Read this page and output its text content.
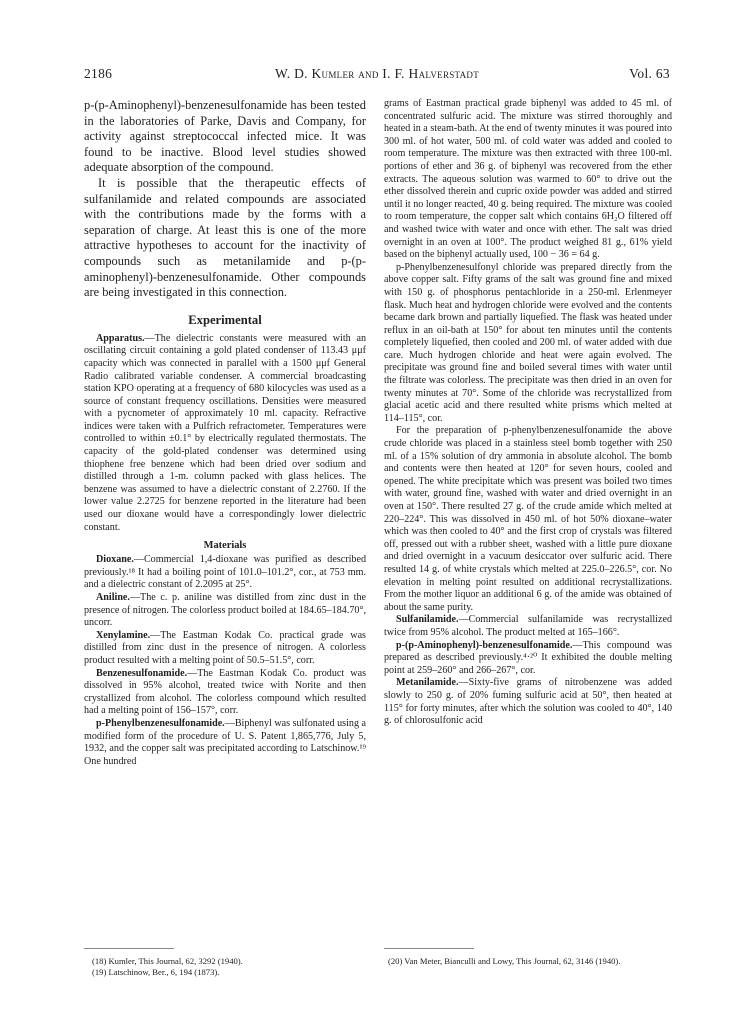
2186	W. D. Kumler and I. F. Halverstadt	Vol. 63

p-(p-Aminophenyl)-benzenesulfonamide has been tested in the laboratories of Parke, Davis and Company, for activity against streptococcal infected mice. It was found to be inactive. Blood level studies showed adequate absorption of the compound.

It is possible that the therapeutic effects of sulfanilamide and related compounds are associated with the contributions made by the forms with a separation of charge. At least this is one of the more attractive hypotheses to account for the inactivity of compounds such as metanilamide and p-(p-aminophenyl)-benzenesulfonamide. Other compounds are being investigated in this connection.

Experimental

Apparatus.—The dielectric constants were measured with an oscillating circuit containing a gold plated condenser of 113.43 μμf capacity which was connected in parallel with a 1500 μμf General Radio calibrated variable condenser. A commercial broadcasting station KPO operating at a frequency of 680 kilocycles was used as a source of constant frequency oscillations. Densities were measured with a pycnometer of approximately 10 ml. capacity. Refractive indices were taken with a Pulfrich refractometer. Temperatures were controlled to within ±0.1° by electrically regulated thermostats. The capacity of the gold-plated condenser was determined using thiophene free benzene which had been dried over sodium and distilled through a 1-m. column packed with glass helices. The benzene was assumed to have a dielectric constant of 2.2760. If the lower value 2.2725 for benzene reported in the literature had been used our dioxane would have a correspondingly lower dielectric constant.

Materials

Dioxane.—Commercial 1,4-dioxane was purified as described previously.¹⁸ It had a boiling point of 101.0–101.2°, cor., at 753 mm. and a dielectric constant of 2.2095 at 25°.

Aniline.—The c. p. aniline was distilled from zinc dust in the presence of nitrogen. The colorless product boiled at 184.65–184.70°, uncorr.

Xenylamine.—The Eastman Kodak Co. practical grade was distilled from zinc dust in the presence of nitrogen. A colorless product resulted with a melting point of 50.5–51.5°, corr.

Benzenesulfonamide.—The Eastman Kodak Co. product was dissolved in 95% alcohol, treated twice with Norite and then crystallized from alcohol. The colorless compound which resulted had a melting point of 156–157°, corr.

p-Phenylbenzenesulfonamide.—Biphenyl was sulfonated using a modified form of the procedure of U. S. Patent 1,865,776, July 5, 1932, and the copper salt was precipitated according to Latschinow.¹⁹ One hundred

grams of Eastman practical grade biphenyl was added to 45 ml. of concentrated sulfuric acid. The mixture was stirred thoroughly and heated in a steam-bath. At the end of twenty minutes it was poured into 300 ml. of hot water, 500 ml. of cold water was added and cooled to room temperature. The mixture was then extracted with three 100-ml. portions of ether and 36 g. of biphenyl was recovered from the ether extracts. The aqueous solution was warmed to 60° to drive out the ether dissolved therein and cupric oxide powder was added and stirred until it no longer reacted, 40 g. being required. The mixture was cooled to room temperature, the copper salt which contains 6H₂O filtered off and washed twice with water and once with ether. The salt was dried overnight in an oven at 100°. The product weighed 81 g., 61% yield based on the biphenyl actually used, 100 − 36 = 64 g.

p-Phenylbenzenesulfonyl chloride was prepared directly from the above copper salt. Fifty grams of the salt was ground fine and mixed with 150 g. of phosphorus pentachloride in a 250-ml. Erlenmeyer flask. Much heat and hydrogen chloride were evolved and the contents became dark brown and partially liquefied. The flask was heated under reflux in an oil-bath at 150° for about ten minutes until the contents completely liquefied, then cooled and 200 ml. of water added with due care. Much hydrogen chloride and heat were again evolved. The precipitate was ground fine and boiled several times with water until the filtrate was colorless. The precipitate was then dried in an oven for twenty minutes at 70°. Some of the chloride was recrystallized from glacial acetic acid and there resulted white prisms which melted at 114–115°, cor.

For the preparation of p-phenylbenzenesulfonamide the above crude chloride was placed in a stainless steel bomb together with 250 ml. of a 15% solution of dry ammonia in absolute alcohol. The bomb and contents were then heated at 120° for seven hours, cooled and opened. The white precipitate which was present was boiled two times with water, ground fine, washed with water and dried overnight in an oven at 150°. There resulted 27 g. of the crude amide which melted at 220–224°. This was dissolved in 450 ml. of hot 50% dioxane–water which was then cooled to 40° and the first crop of crystals was filtered off, pressed out with a rubber sheet, washed with a little pure dioxane and dried overnight in a vacuum desiccator over sulfuric acid. There resulted 14 g. of white crystals which melted at 225.0–226.5°, cor. No elevation in melting point resulted on additional recrystallizations. From the mother liquor an additional 6 g. of the amide was obtained of about the same purity.

Sulfanilamide.—Commercial sulfanilamide was recrystallized twice from 95% alcohol. The product melted at 165–166°.

p-(p-Aminophenyl)-benzenesulfonamide.—This compound was prepared as described previously.⁴·²⁰ It exhibited the double melting point at 259–260° and 266–267°, cor.

Metanilamide.—Sixty-five grams of nitrobenzene was added slowly to 250 g. of 20% fuming sulfuric acid at 50°, then heated at 115° for forty minutes, after which the solution was cooled to 40°, 140 g. of chlorosulfonic acid

(18) Kumler, This Journal, 62, 3292 (1940).
(19) Latschinow, Ber., 6, 194 (1873).
(20) Van Meter, Bianculli and Lowy, This Journal, 62, 3146 (1940).
